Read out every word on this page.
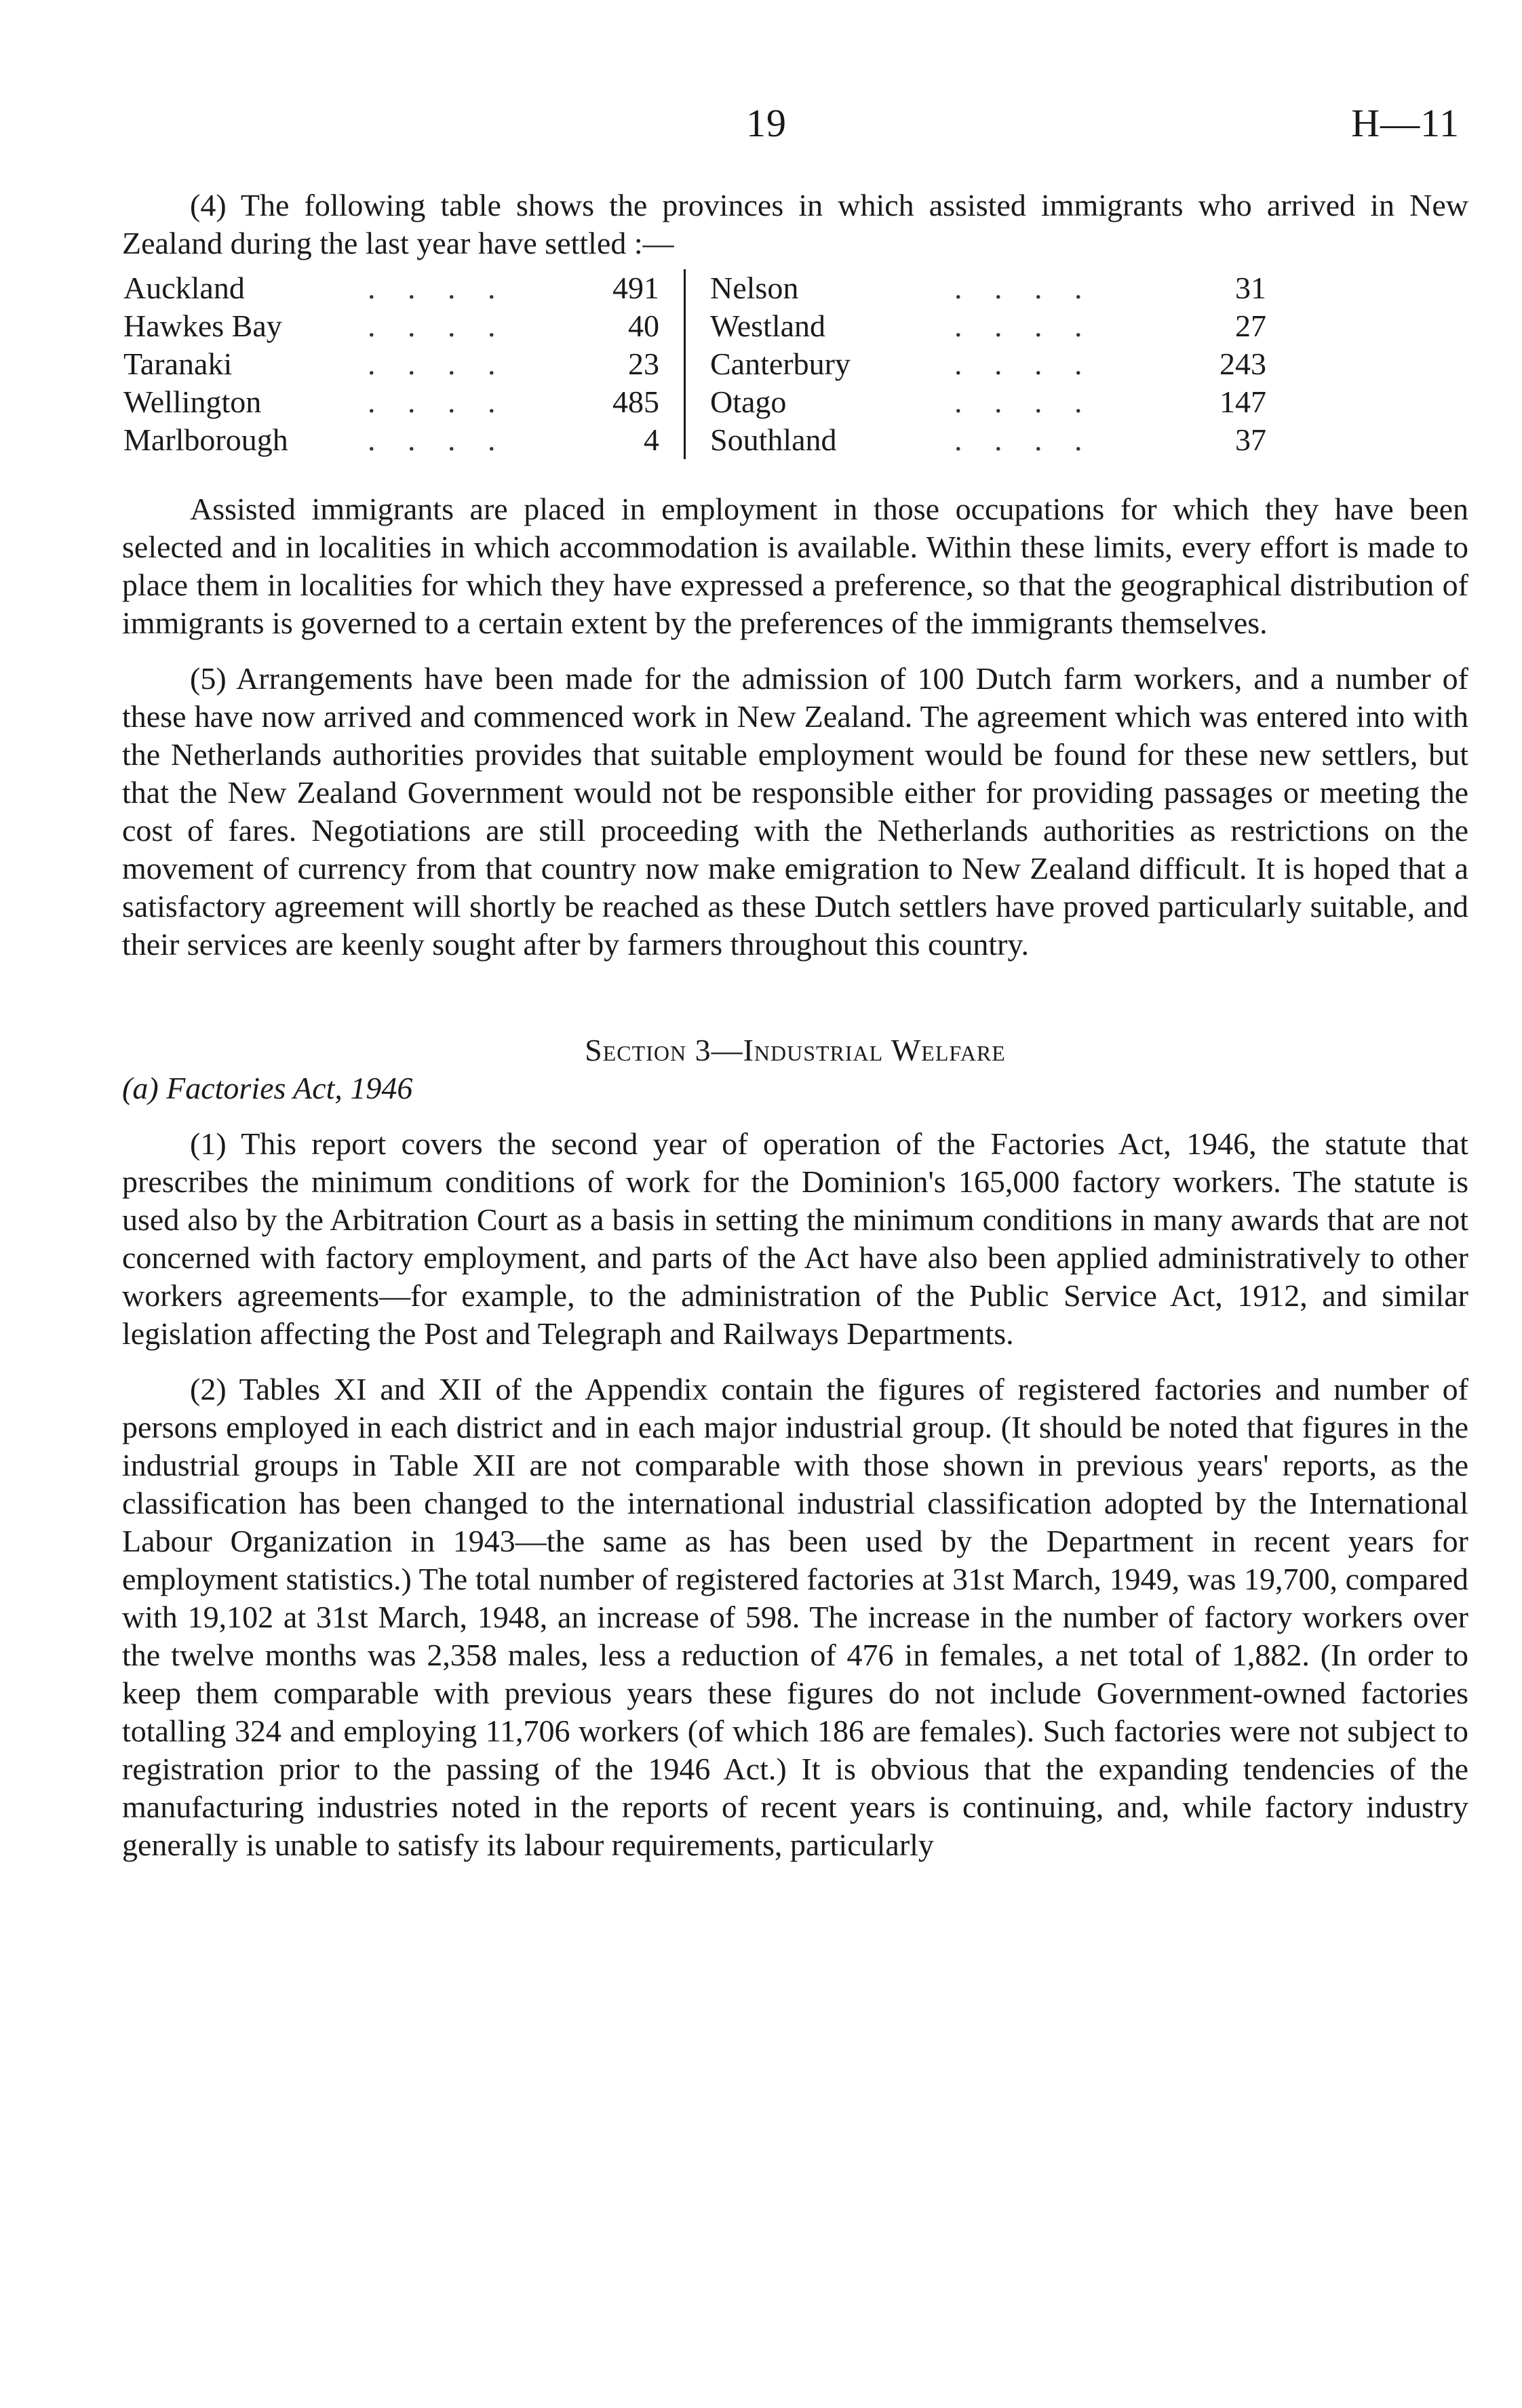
19	H—11

(4) The following table shows the provinces in which assisted immigrants who arrived in New Zealand during the last year have settled :—

Auckland	. . . .	491
Hawkes Bay	. . . .	40
Taranaki	. . . .	23
Wellington	. . . .	485
Marlborough	. . . .	4
Nelson	. . . .	31
Westland	. . . .	27
Canterbury	. . . .	243
Otago	. . . .	147
Southland	. . . .	37

Assisted immigrants are placed in employment in those occupations for which they have been selected and in localities in which accommodation is available. Within these limits, every effort is made to place them in localities for which they have expressed a preference, so that the geographical distribution of immigrants is governed to a certain extent by the preferences of the immigrants themselves.

(5) Arrangements have been made for the admission of 100 Dutch farm workers, and a number of these have now arrived and commenced work in New Zealand. The agreement which was entered into with the Netherlands authorities provides that suitable employment would be found for these new settlers, but that the New Zealand Government would not be responsible either for providing passages or meeting the cost of fares. Negotiations are still proceeding with the Netherlands authorities as restrictions on the movement of currency from that country now make emigration to New Zealand difficult. It is hoped that a satisfactory agreement will shortly be reached as these Dutch settlers have proved particularly suitable, and their services are keenly sought after by farmers throughout this country.

Section 3—Industrial Welfare

(a) Factories Act, 1946

(1) This report covers the second year of operation of the Factories Act, 1946, the statute that prescribes the minimum conditions of work for the Dominion's 165,000 factory workers. The statute is used also by the Arbitration Court as a basis in setting the minimum conditions in many awards that are not concerned with factory employment, and parts of the Act have also been applied administratively to other workers agreements—for example, to the administration of the Public Service Act, 1912, and similar legislation affecting the Post and Telegraph and Railways Departments.

(2) Tables XI and XII of the Appendix contain the figures of registered factories and number of persons employed in each district and in each major industrial group. (It should be noted that figures in the industrial groups in Table XII are not comparable with those shown in previous years' reports, as the classification has been changed to the international industrial classification adopted by the International Labour Organization in 1943—the same as has been used by the Department in recent years for employment statistics.) The total number of registered factories at 31st March, 1949, was 19,700, compared with 19,102 at 31st March, 1948, an increase of 598. The increase in the number of factory workers over the twelve months was 2,358 males, less a reduction of 476 in females, a net total of 1,882. (In order to keep them comparable with previous years these figures do not include Government-owned factories totalling 324 and employing 11,706 workers (of which 186 are females). Such factories were not subject to registration prior to the passing of the 1946 Act.) It is obvious that the expanding tendencies of the manufacturing industries noted in the reports of recent years is continuing, and, while factory industry generally is unable to satisfy its labour requirements, particularly
